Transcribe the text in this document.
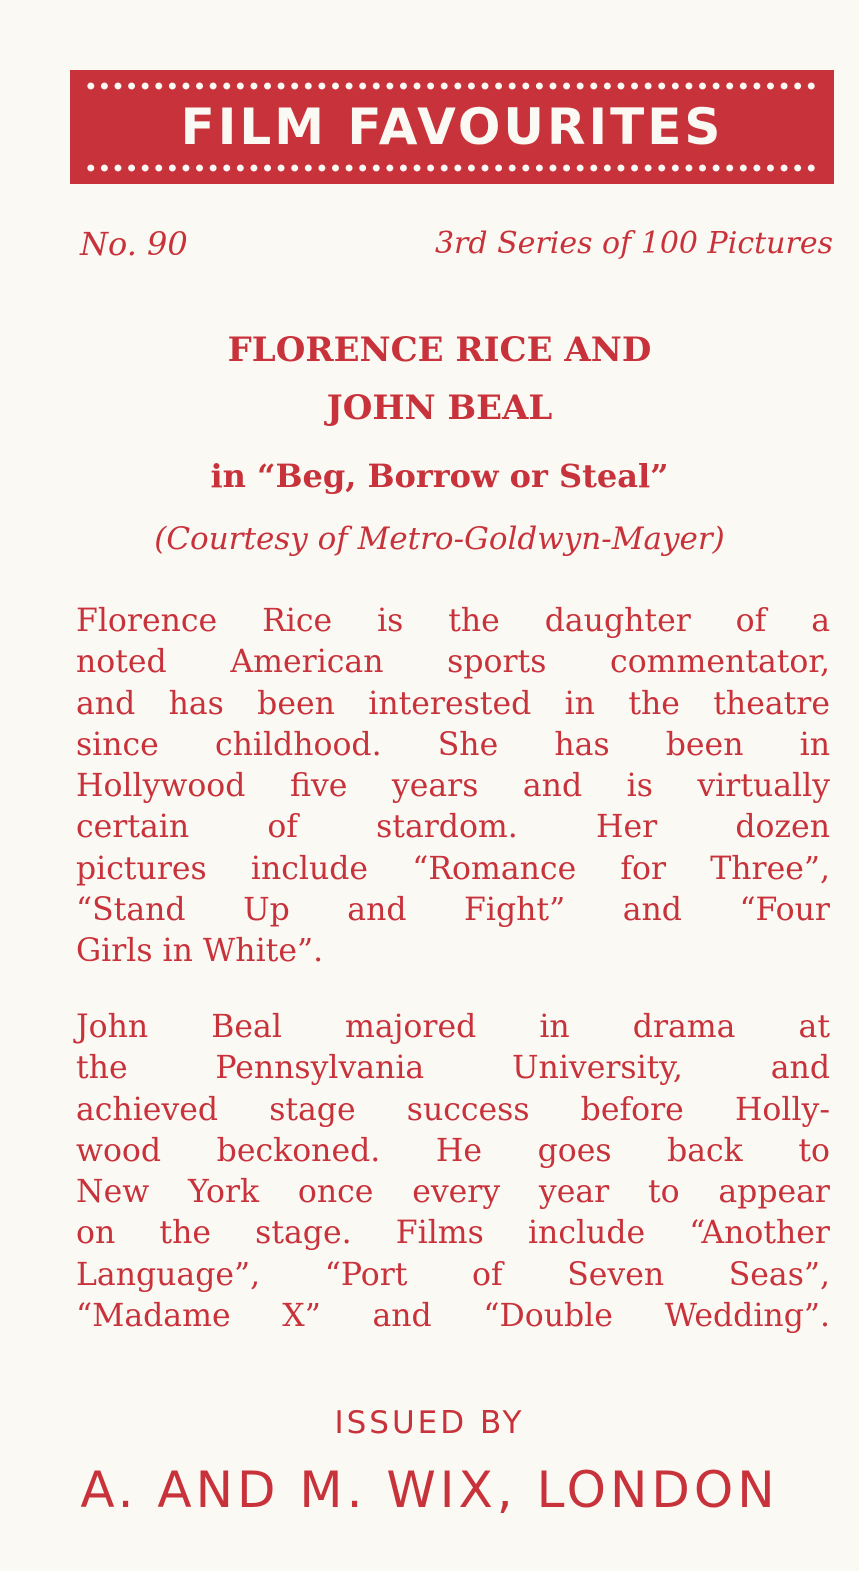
FILM FAVOURITES
No. 90	3rd Series of 100 Pictures
FLORENCE RICE AND
JOHN BEAL
in “Beg, Borrow or Steal”
(Courtesy of Metro-Goldwyn-Mayer)
Florence Rice is the daughter of a
noted American sports commentator,
and has been interested in the theatre
since childhood. She has been in
Hollywood five years and is virtually
certain of stardom. Her dozen
pictures include “Romance for Three”,
“Stand Up and Fight” and “Four
Girls in White”.
John Beal majored in drama at
the Pennsylvania University, and
achieved stage success before Holly-
wood beckoned. He goes back to
New York once every year to appear
on the stage. Films include “Another
Language”, “Port of Seven Seas”,
“Madame X” and “Double Wedding”.
ISSUED BY
A. AND M. WIX, LONDON
